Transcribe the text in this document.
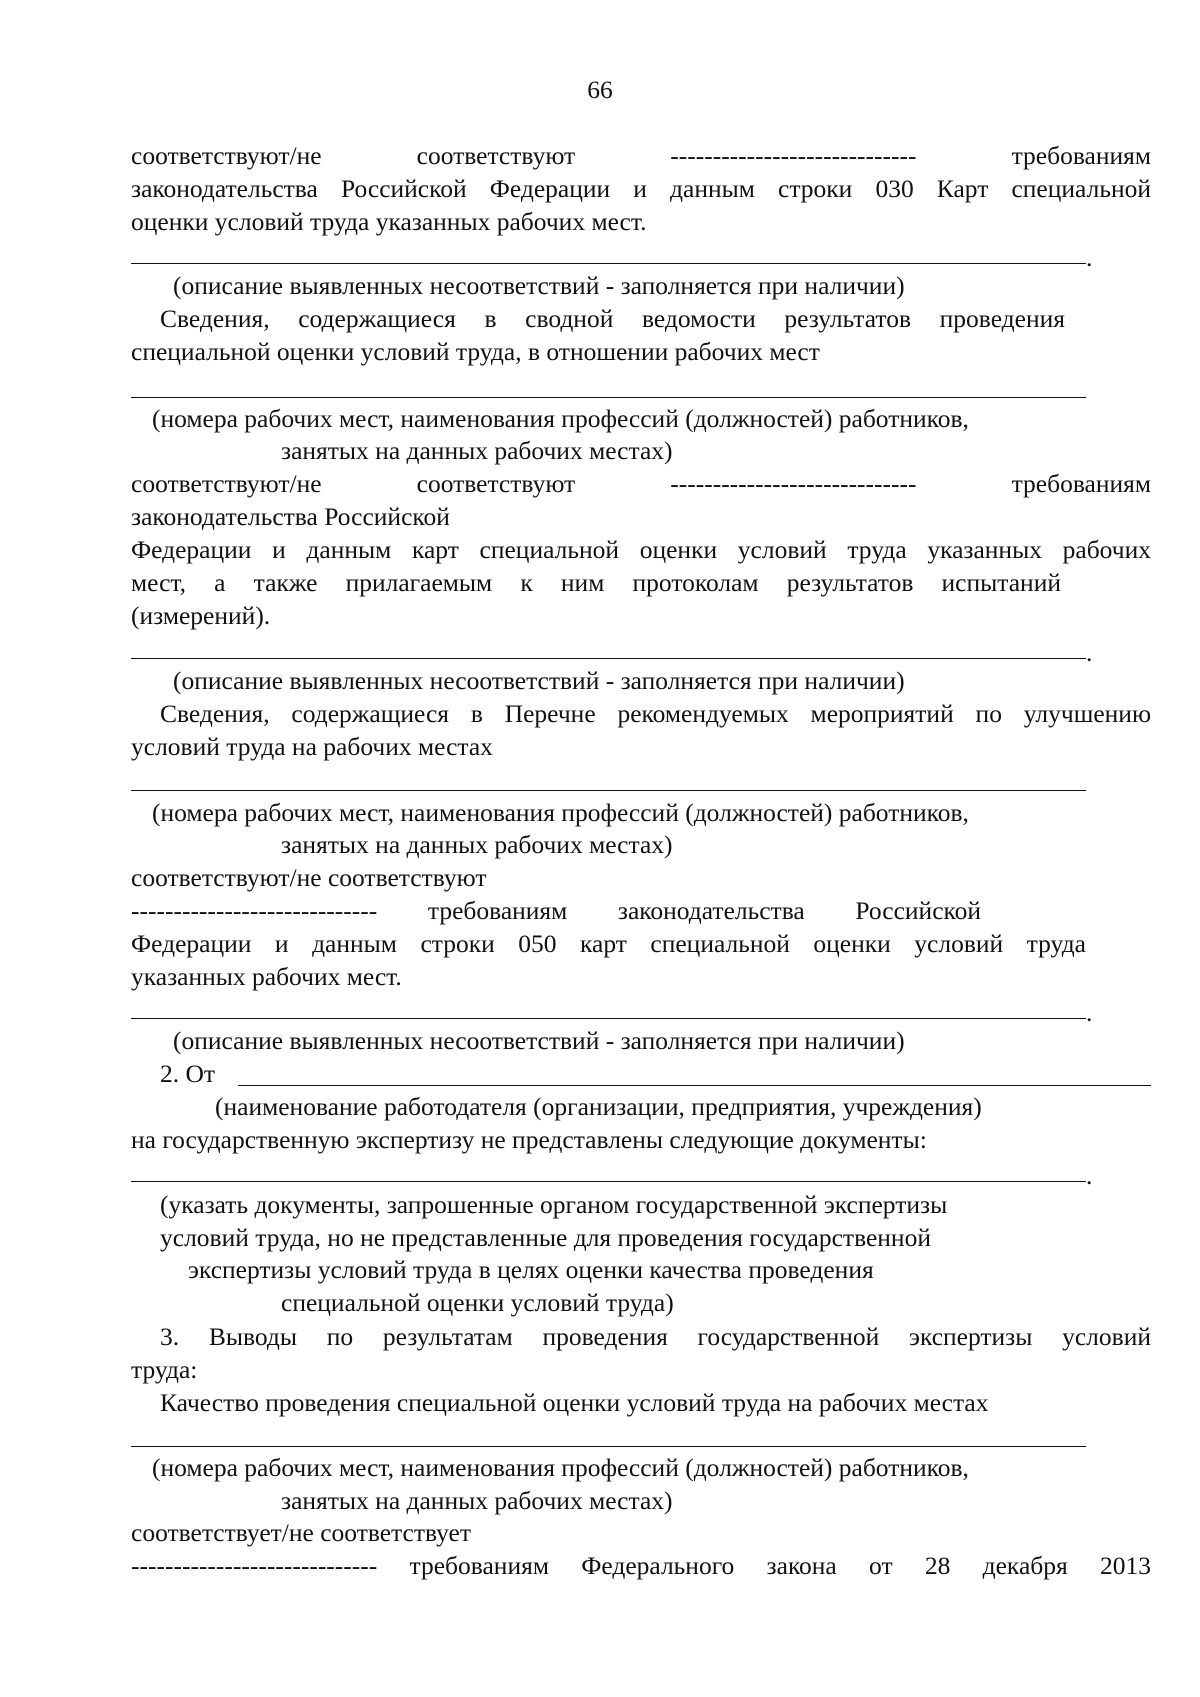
66
соответствуют/не соответствуют ----------------------------- требованиям
законодательства Российской Федерации и данным строки 030 Карт специальной
оценки условий труда указанных рабочих мест.
.
(описание выявленных несоответствий - заполняется при наличии)
Сведения, содержащиеся в сводной ведомости результатов проведения
специальной оценки условий труда, в отношении рабочих мест
(номера рабочих мест, наименования профессий (должностей) работников,
занятых на данных рабочих местах)
соответствуют/не соответствуют ----------------------------- требованиям
законодательства Российской
Федерации и данным карт специальной оценки условий труда указанных рабочих
мест, а также прилагаемым к ним протоколам результатов испытаний
(измерений).
.
(описание выявленных несоответствий - заполняется при наличии)
Сведения, содержащиеся в Перечне рекомендуемых мероприятий по улучшению
условий труда на рабочих местах
(номера рабочих мест, наименования профессий (должностей) работников,
занятых на данных рабочих местах)
соответствуют/не соответствуют
----------------------------- требованиям законодательства Российской
Федерации и данным строки 050 карт специальной оценки условий труда
указанных рабочих мест.
.
(описание выявленных несоответствий - заполняется при наличии)
2. От
(наименование работодателя (организации, предприятия, учреждения)
на государственную экспертизу не представлены следующие документы:
.
(указать документы, запрошенные органом государственной экспертизы
условий труда, но не представленные для проведения государственной
экспертизы условий труда в целях оценки качества проведения
специальной оценки условий труда)
3. Выводы по результатам проведения государственной экспертизы условий
труда:
Качество проведения специальной оценки условий труда на рабочих местах
(номера рабочих мест, наименования профессий (должностей) работников,
занятых на данных рабочих местах)
соответствует/не соответствует
----------------------------- требованиям Федерального закона от 28 декабря 2013
